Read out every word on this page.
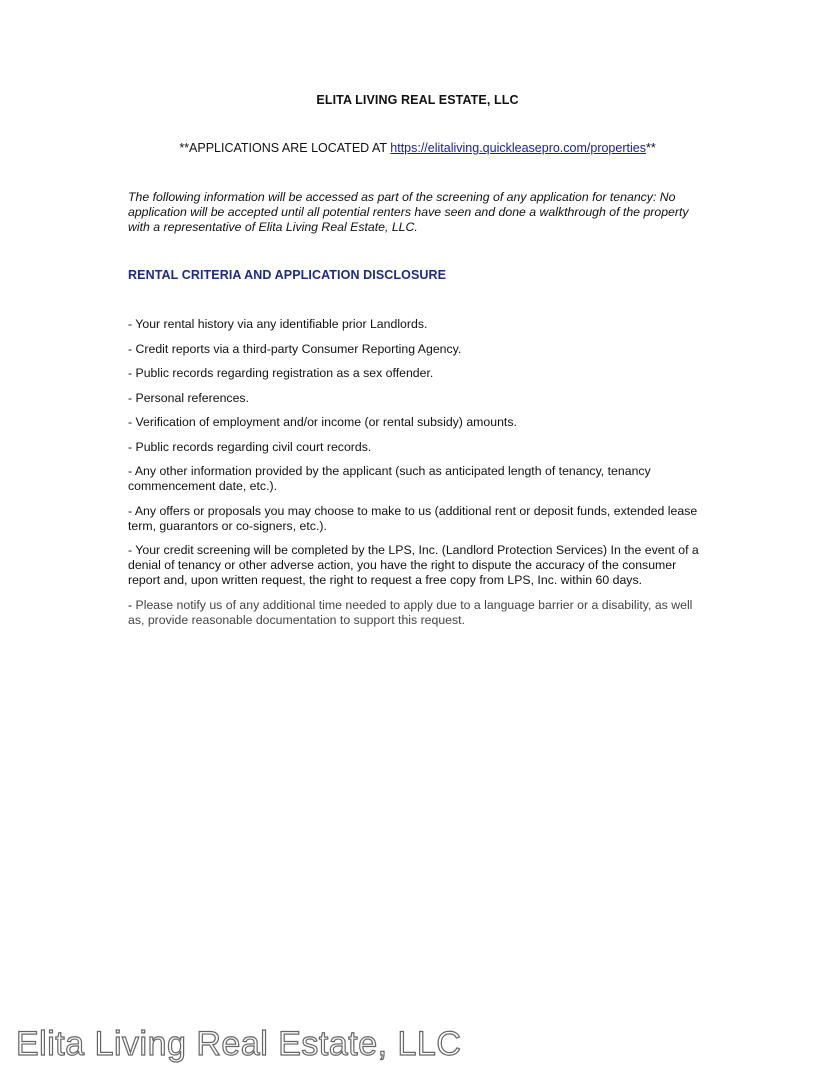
ELITA LIVING REAL ESTATE, LLC
**APPLICATIONS ARE LOCATED AT https://elitaliving.quickleasepro.com/properties**
The following information will be accessed as part of the screening of any application for tenancy: No application will be accepted until all potential renters have seen and done a walkthrough of the property with a representative of Elita Living Real Estate, LLC.
RENTAL CRITERIA AND APPLICATION DISCLOSURE
- Your rental history via any identifiable prior Landlords.
- Credit reports via a third-party Consumer Reporting Agency.
- Public records regarding registration as a sex offender.
- Personal references.
- Verification of employment and/or income (or rental subsidy) amounts.
- Public records regarding civil court records.
- Any other information provided by the applicant (such as anticipated length of tenancy, tenancy commencement date, etc.).
- Any offers or proposals you may choose to make to us (additional rent or deposit funds, extended lease term, guarantors or co-signers, etc.).
- Your credit screening will be completed by the LPS, Inc. (Landlord Protection Services) In the event of a denial of tenancy or other adverse action, you have the right to dispute the accuracy of the consumer report and, upon written request, the right to request a free copy from LPS, Inc. within 60 days.
- Please notify us of any additional time needed to apply due to a language barrier or a disability, as well as, provide reasonable documentation to support this request.
Elita Living Real Estate, LLC
